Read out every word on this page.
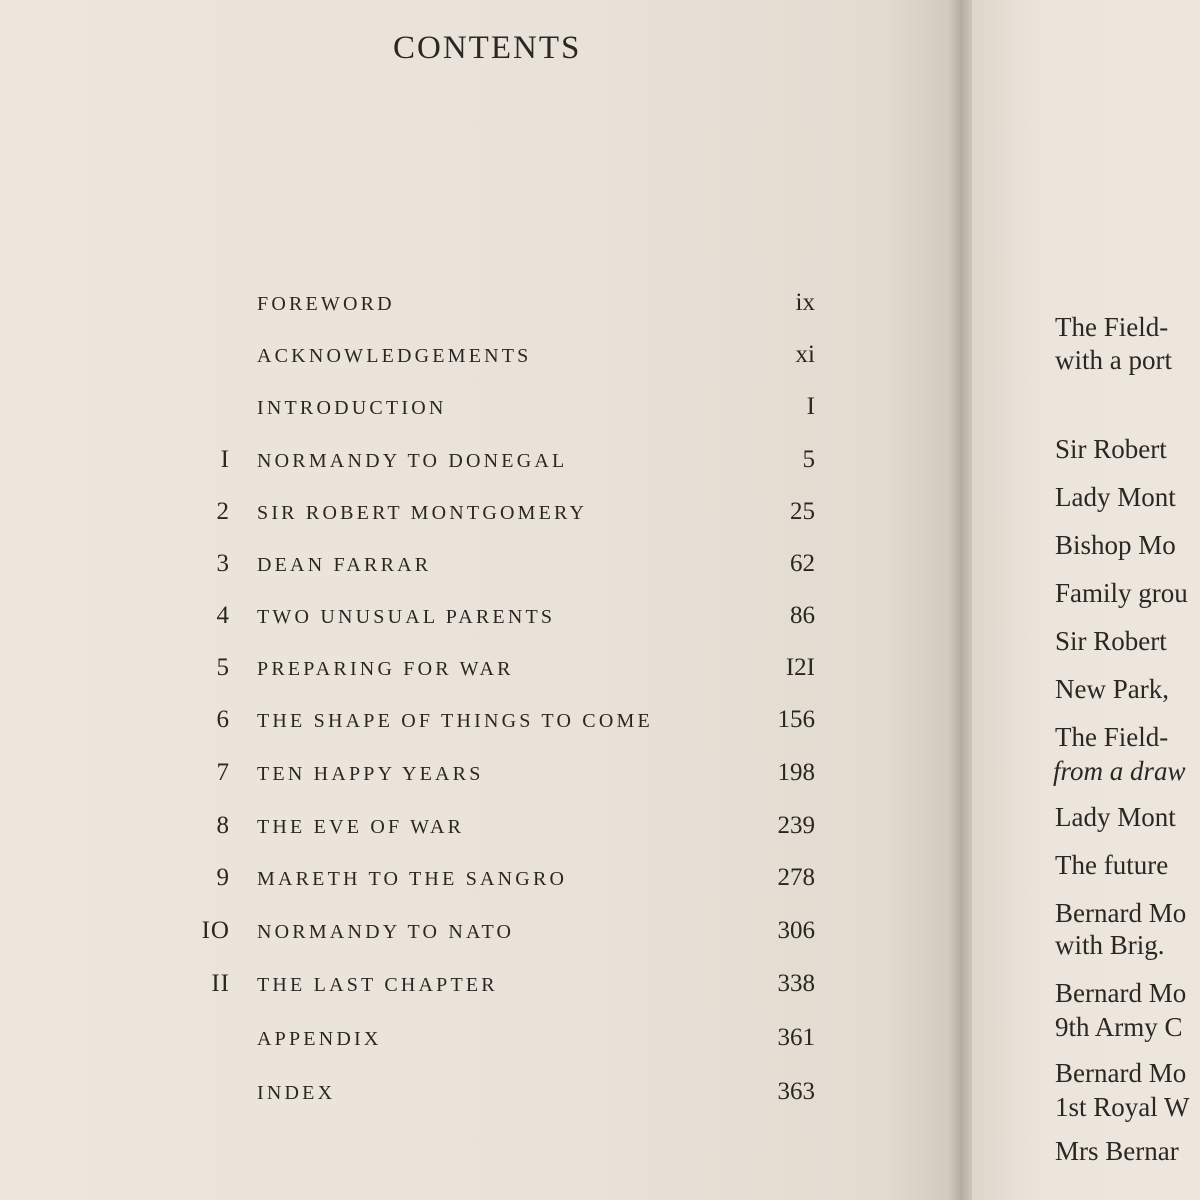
CONTENTS
FOREWORD	ix
ACKNOWLEDGEMENTS	xi
INTRODUCTION	I
I NORMANDY TO DONEGAL	5
2 SIR ROBERT MONTGOMERY	25
3 DEAN FARRAR	62
4 TWO UNUSUAL PARENTS	86
5 PREPARING FOR WAR	I2I
6 THE SHAPE OF THINGS TO COME	156
7 TEN HAPPY YEARS	198
8 THE EVE OF WAR	239
9 MARETH TO THE SANGRO	278
IO NORMANDY TO NATO	306
II THE LAST CHAPTER	338
APPENDIX	361
INDEX	363
The Field-
with a port
Sir Robert
Lady Mont
Bishop Mo
Family grou
Sir Robert
New Park,
The Field-
from a draw
Lady Mont
The future
Bernard Mo
with Brig.
Bernard Mo
9th Army C
Bernard Mo
1st Royal W
Mrs Bernar
